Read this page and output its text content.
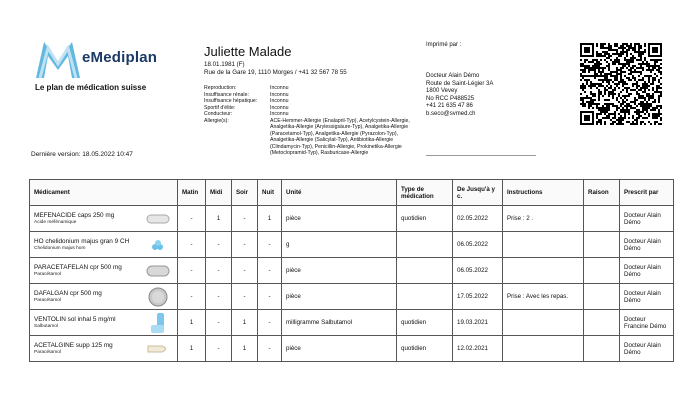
eMediplan
Le plan de médication suisse
Dernière version: 18.05.2022 10:47
Juliette Malade
18.01.1981 (F)
Rue de la Gare 19, 1110 Morges / +41 32 567 78 55
Reproduction:	Inconnu
Insuffisance rénale:	Inconnu
Insuffisance hépatique:	Inconnu
Sportif d'élite:	Inconnu
Conducteur:	Inconnu
Allergie(s):	ACE-Hemmer-Allergie (Enalapril-Typ), Acetylcystein-Allergie, Analgetika-Allergie (Arylessigsäure-Typ), Analgetika-Allergie (Paracetamol-Typ), Analgetika-Allergie (Pyrazolon-Typ), Analgetika-Allergie (Salicylat-Typ), Antibiotika-Allergie (Clindamycin-Typ), Penicillin-Allergie, Prokinetika-Allergie (Metoclopramid-Typ), Rasburicase-Allergie
Imprimé par :
Docteur Alain Démo
Route de Saint-Légier 3A
1800 Vevey
No RCC P488525
+41 21 635 47 86
b.seco@svmed.ch
Médicament	Matin	Midi	Soir	Nuit	Unité	Type de médication	De Jusqu'à y c.	Instructions	Raison	Prescrit par

MEFENACIDE caps 250 mg
Acide méfénamique	-	1	-	1	pièce	quotidien	02.05.2022	Prise : 2 .		Docteur Alain Démo

HO chelidonium majus gran 9 CH
Chelidonium majus hom	-	-	-	-	g		06.05.2022			Docteur Alain Démo

PARACETAFELAN cpr 500 mg
Paracétamol	-	-	-	-	pièce		06.05.2022			Docteur Alain Démo

DAFALGAN cpr 500 mg
Paracétamol	-	-	-	-	pièce		17.05.2022	Prise : Avec les repas.		Docteur Alain Démo

VENTOLIN sol inhal 5 mg/ml
Salbutamol	1	-	1	-	milligramme Salbutamol	quotidien	19.03.2021			Docteur Francine Démo

ACETALGINE supp 125 mg
Paracétamol	1	-	1	-	pièce	quotidien	12.02.2021			Docteur Alain Démo
